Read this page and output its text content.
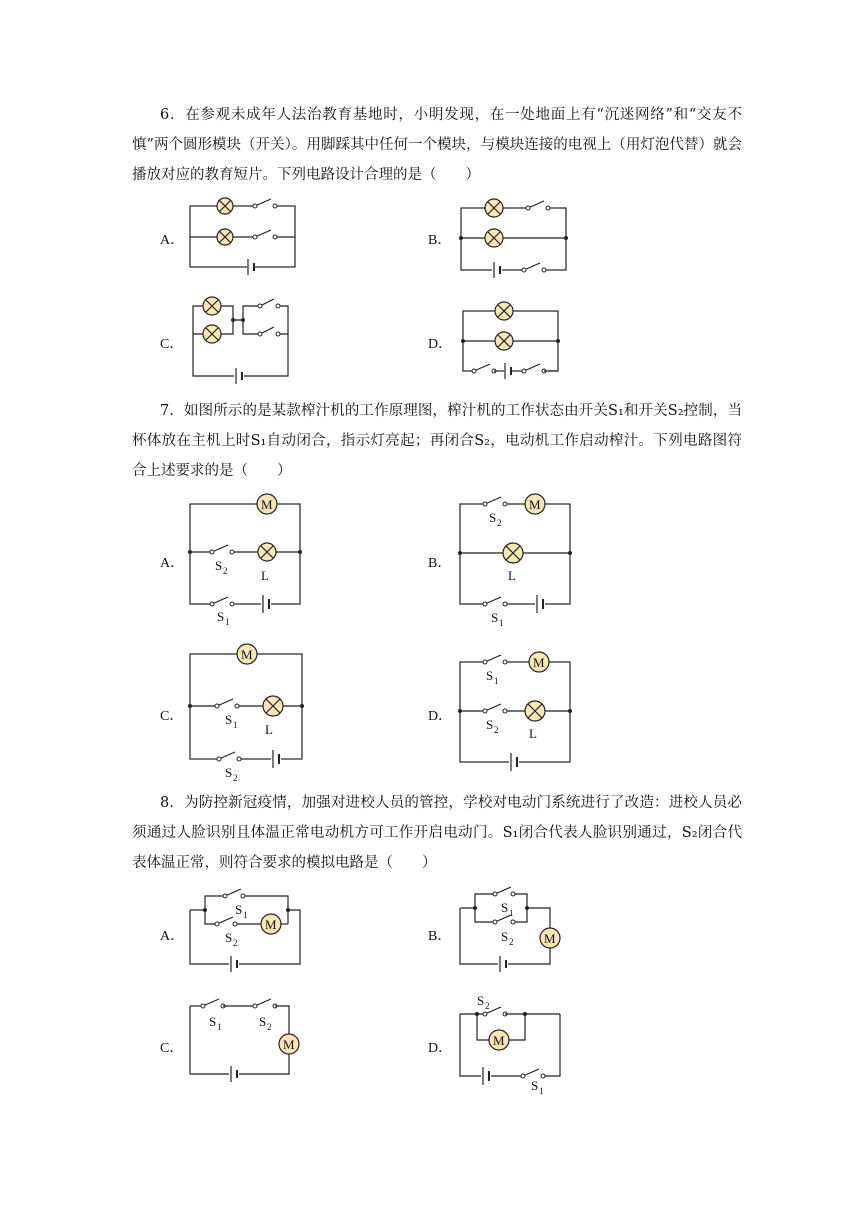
6．在参观未成年人法治教育基地时，小明发现，在一处地面上有“沉迷网络”和“交友不慎”两个圆形模块（开关）。用脚踩其中任何一个模块，与模块连接的电视上（用灯泡代替）就会播放对应的教育短片。下列电路设计合理的是（　　）

A．	B．
C．	D．

7．如图所示的是某款榨汁机的工作原理图，榨汁机的工作状态由开关S₁和开关S₂控制，当杯体放在主机上时S₁自动闭合，指示灯亮起；再闭合S₂，电动机工作启动榨汁。下列电路图符合上述要求的是（　　）

A．	B．
C．	D．
M
S 2	L
S 1
S 2
M
L
S 1
M
S 1 L
S 2
S 1
M
S 2 L

8．为防控新冠疫情，加强对进校人员的管控，学校对电动门系统进行了改造：进校人员必须通过人脸识别且体温正常电动机方可工作开启电动门。S₁闭合代表人脸识别通过，S₂闭合代表体温正常，则符合要求的模拟电路是（　　）

A．	B．
C．	D．
S 1
S 2
M
S 1
S 2 M
S 1	S 2
M
S 2
M
S 1
